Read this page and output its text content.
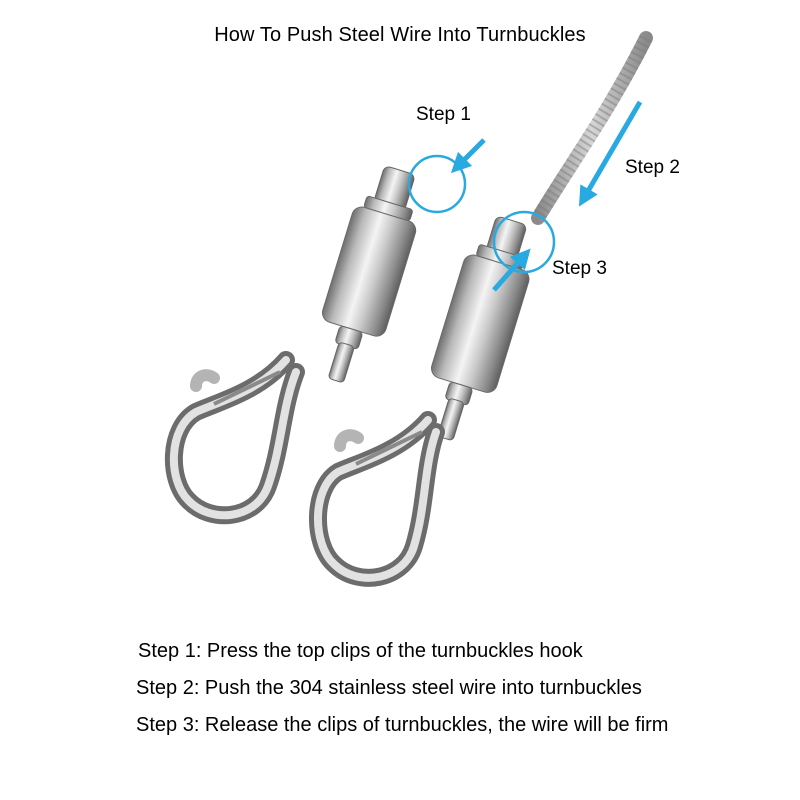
How To Push Steel Wire Into Turnbuckles
Step 1
Step 2
Step 3
Step 1: Press the top clips of the turnbuckles hook
Step 2: Push the 304 stainless steel wire into turnbuckles
Step 3: Release the clips of turnbuckles, the wire will be firm
